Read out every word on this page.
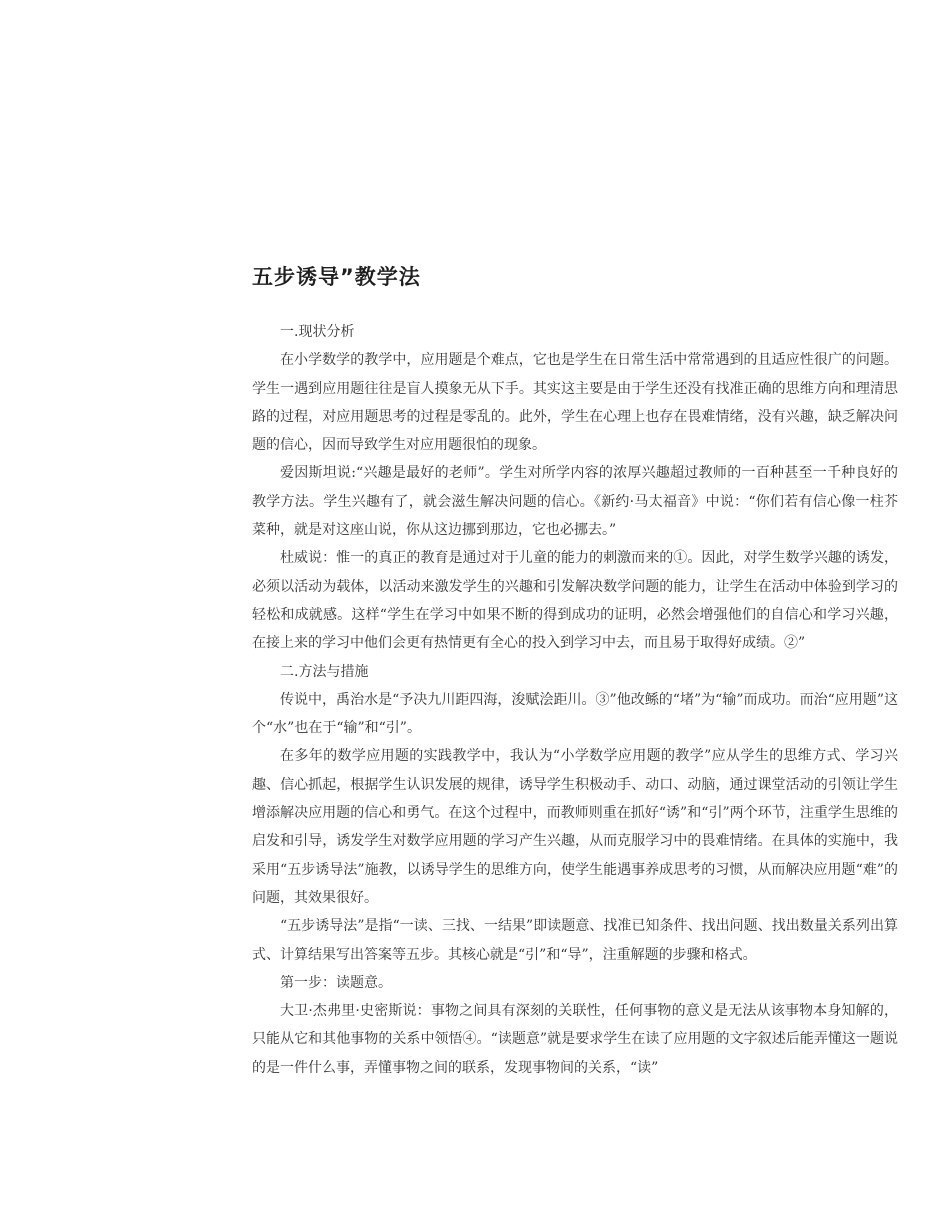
五步诱导”教学法

一.现状分析

在小学数学的教学中，应用题是个难点，它也是学生在日常生活中常常遇到的且适应性很广的问题。学生一遇到应用题往往是盲人摸象无从下手。其实这主要是由于学生还没有找准正确的思维方向和理清思路的过程，对应用题思考的过程是零乱的。此外，学生在心理上也存在畏难情绪，没有兴趣，缺乏解决问题的信心，因而导致学生对应用题很怕的现象。

爱因斯坦说:“兴趣是最好的老师”。学生对所学内容的浓厚兴趣超过教师的一百种甚至一千种良好的教学方法。学生兴趣有了，就会滋生解决问题的信心。《新约·马太福音》中说：“你们若有信心像一柱芥菜种，就是对这座山说，你从这边挪到那边，它也必挪去。”

杜威说：惟一的真正的教育是通过对于儿童的能力的刺激而来的①。因此，对学生数学兴趣的诱发，必须以活动为载体，以活动来激发学生的兴趣和引发解决数学问题的能力，让学生在活动中体验到学习的轻松和成就感。这样“学生在学习中如果不断的得到成功的证明，必然会增强他们的自信心和学习兴趣，在接上来的学习中他们会更有热情更有全心的投入到学习中去，而且易于取得好成绩。②”

二.方法与措施

传说中，禹治水是“予决九川距四海，浚赋浍距川。③”他改鲧的“堵”为“输”而成功。而治“应用题”这个“水”也在于“输”和“引”。

在多年的数学应用题的实践教学中，我认为“小学数学应用题的教学”应从学生的思维方式、学习兴趣、信心抓起，根据学生认识发展的规律，诱导学生积极动手、动口、动脑，通过课堂活动的引领让学生增添解决应用题的信心和勇气。在这个过程中，而教师则重在抓好“诱”和“引”两个环节，注重学生思维的启发和引导，诱发学生对数学应用题的学习产生兴趣，从而克服学习中的畏难情绪。在具体的实施中，我采用“五步诱导法”施教，以诱导学生的思维方向，使学生能遇事养成思考的习惯，从而解决应用题“难”的问题，其效果很好。

“五步诱导法”是指“一读、三找、一结果”即读题意、找准已知条件、找出问题、找出数量关系列出算式、计算结果写出答案等五步。其核心就是“引”和“导”，注重解题的步骤和格式。

第一步：读题意。

大卫·杰弗里·史密斯说：事物之间具有深刻的关联性，任何事物的意义是无法从该事物本身知解的，只能从它和其他事物的关系中领悟④。“读题意”就是要求学生在读了应用题的文字叙述后能弄懂这一题说的是一件什么事，弄懂事物之间的联系，发现事物间的关系，“读”
